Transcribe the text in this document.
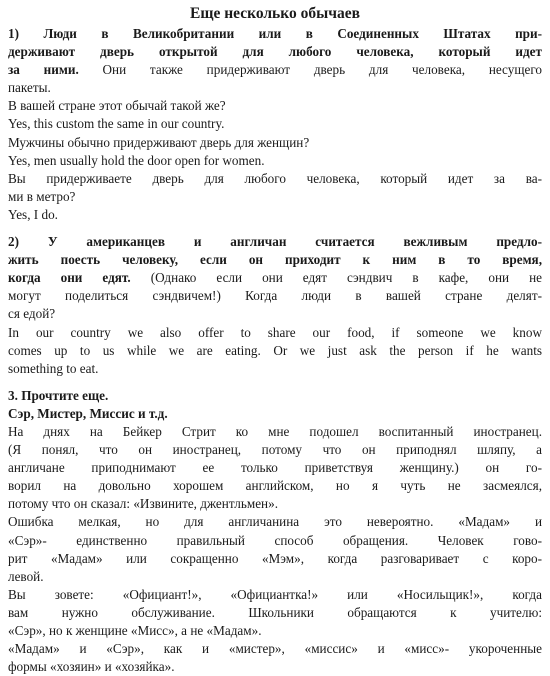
Еще несколько обычаев
1) Люди в Великобритании или в Соединенных Штатах при-
держивают дверь открытой для любого человека, который идет
за ними. Они также придерживают дверь для человека, несущего
пакеты.
В вашей стране этот обычай такой же?
Yes, this custom the same in our country.
Мужчины обычно придерживают дверь для женщин?
Yes, men usually hold the door open for women.
Вы придерживаете дверь для любого человека, который идет за ва-
ми в метро?
Yes, I do.
2) У американцев и англичан считается вежливым предло-
жить поесть человеку, если он приходит к ним в то время,
когда они едят. (Однако если они едят сэндвич в кафе, они не
могут поделиться сэндвичем!) Когда люди в вашей стране делят-
ся едой?
In our country we also offer to share our food, if someone we know
comes up to us while we are eating. Or we just ask the person if he wants
something to eat.
3. Прочтите еще.
Сэр, Мистер, Миссис и т.д.
На днях на Бейкер Стрит ко мне подошел воспитанный иностранец.
(Я понял, что он иностранец, потому что он приподнял шляпу, а
англичане приподнимают ее только приветствуя женщину.) он го-
ворил на довольно хорошем английском, но я чуть не засмеялся,
потому что он сказал: «Извините, джентльмен».
Ошибка мелкая, но для англичанина это невероятно. «Мадам» и
«Сэр»- единственно правильный способ обращения. Человек гово-
рит «Мадам» или сокращенно «Мэм», когда разговаривает с коро-
левой.
Вы зовете: «Официант!», «Официантка!» или «Носильщик!», когда
вам нужно обслуживание. Школьники обращаются к учителю:
«Сэр», но к женщине «Мисс», а не «Мадам».
«Мадам» и «Сэр», как и «мистер», «миссис» и «мисс»- укороченные
формы «хозяин» и «хозяйка».
